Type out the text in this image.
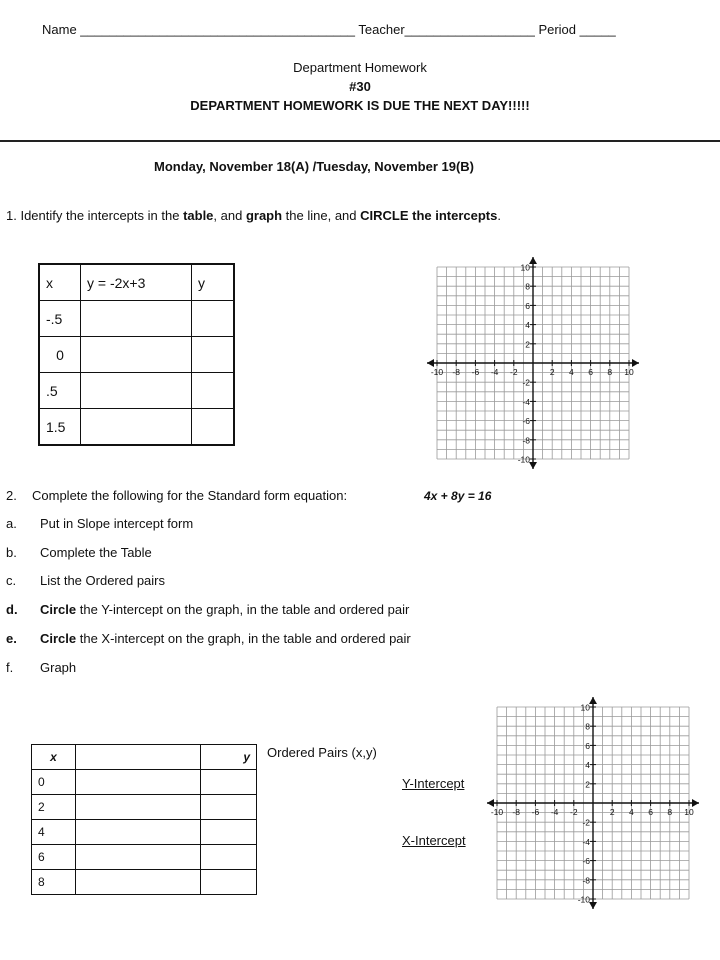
Name ______________________________________ Teacher__________________ Period _____
Department Homework
#30
DEPARTMENT HOMEWORK IS DUE THE NEXT DAY!!!!!
Monday, November 18(A) /Tuesday, November 19(B)
1. Identify the intercepts in the table, and graph the line, and CIRCLE the intercepts.
x	y = -2x+3	y
-.5		
0		
.5		
1.5		
-10 -8 -6 -4 -2	2 4 6 8 10
10
8
6
4
2
-2
-4
-6
-8
-10
2. Complete the following for the Standard form equation:	4x + 8y = 16
a. Put in Slope intercept form
b. Complete the Table
c. List the Ordered pairs
d. Circle the Y-intercept on the graph, in the table and ordered pair
e. Circle the X-intercept on the graph, in the table and ordered pair
f. Graph
x		y
0		
2		
4		
6		
8		
Ordered Pairs (x,y)
Y-Intercept
X-Intercept
-10 -8 -6 -4 -2	2 4 6 8 10
10
8
6
4
2
-2
-4
-6
-8
-10
